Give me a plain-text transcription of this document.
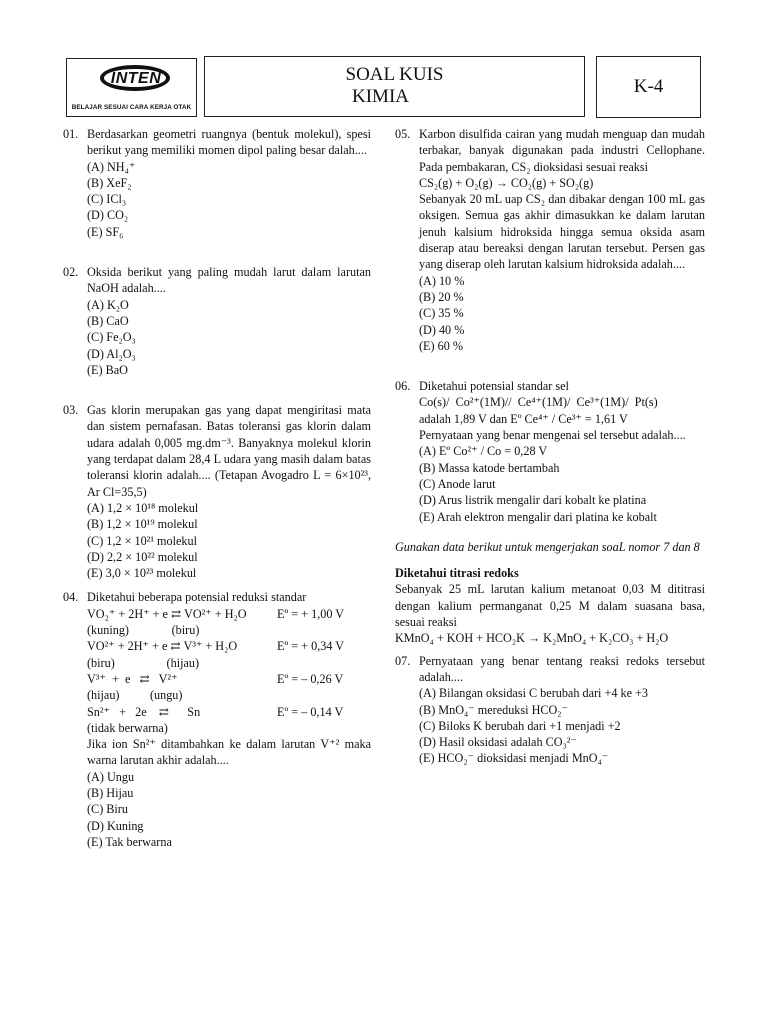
INTEN
BELAJAR SESUAI CARA KERJA OTAK
SOAL KUIS
KIMIA	K-4
01. Berdasarkan geometri ruangnya (bentuk molekul), spesi berikut yang memiliki momen dipol paling besar dalah....
(A) NH₄⁺
(B) XeF₂
(C) ICl₃
(D) CO₂
(E) SF₆
02. Oksida berikut yang paling mudah larut dalam larutan NaOH adalah....
(A) K₂O
(B) CaO
(C) Fe₂O₃
(D) Al₂O₃
(E) BaO
03. Gas klorin merupakan gas yang dapat mengiritasi mata dan sistem pernafasan. Batas toleransi gas klorin dalam udara adalah 0,005 mg.dm⁻³. Banyaknya molekul klorin yang terdapat dalam 28,4 L udara yang masih dalam batas toleransi klorin adalah.... (Tetapan Avogadro L = 6×10²³, Ar Cl=35,5)
(A) 1,2 × 10¹⁸ molekul
(B) 1,2 × 10¹⁹ molekul
(C) 1,2 × 10²¹ molekul
(D) 2,2 × 10²² molekul
(E) 3,0 × 10²³ molekul
04. Diketahui beberapa potensial reduksi standar
VO₂⁺ + 2H⁺ + e ⇄ VO²⁺ + H₂O	Eº = + 1,00 V
(kuning)              (biru)
VO²⁺ + 2H⁺ + e ⇄ V³⁺ + H₂O	Eº = + 0,34 V
(biru)                 (hijau)
V³⁺  +  e   ⇄   V²⁺	Eº = – 0,26 V
(hijau)          (ungu)
Sn²⁺   +   2e    ⇄      Sn	Eº = – 0,14 V
(tidak berwarna)
Jika ion Sn²⁺ ditambahkan ke dalam larutan V⁺² maka warna larutan akhir adalah....
(A) Ungu
(B) Hijau
(C) Biru
(D) Kuning
(E) Tak berwarna
05. Karbon disulfida cairan yang mudah menguap dan mudah terbakar, banyak digunakan pada industri Cellophane. Pada pembakaran, CS₂ dioksidasi sesuai reaksi
CS₂(g) + O₂(g) → CO₂(g) + SO₂(g)
Sebanyak 20 mL uap CS₂ dan dibakar dengan 100 mL gas oksigen. Semua gas akhir dimasukkan ke dalam larutan jenuh kalsium hidroksida hingga semua oksida asam diserap atau bereaksi dengan larutan tersebut. Persen gas yang diserap oleh larutan kalsium hidroksida adalah....
(A) 10 %
(B) 20 %
(C) 35 %
(D) 40 %
(E) 60 %
06. Diketahui potensial standar sel
Co(s)/  Co²⁺(1M)//  Ce⁴⁺(1M)/  Ce³⁺(1M)/  Pt(s)
adalah 1,89 V dan Eº Ce⁴⁺ / Ce³⁺ = 1,61 V
Pernyataan yang benar mengenai sel tersebut adalah....
(A) Eº Co²⁺ / Co = 0,28 V
(B) Massa katode bertambah
(C) Anode larut
(D) Arus listrik mengalir dari kobalt ke platina
(E) Arah elektron mengalir dari platina ke kobalt
Gunakan data berikut untuk mengerjakan soaL nomor 7 dan 8
Diketahui titrasi redoks
Sebanyak 25 mL larutan kalium metanoat 0,03 M dititrasi dengan kalium permanganat 0,25 M dalam suasana basa, sesuai reaksi
KMnO₄ + KOH + HCO₂K → K₂MnO₄ + K₂CO₃ + H₂O
07. Pernyataan yang benar tentang reaksi redoks tersebut adalah....
(A) Bilangan oksidasi C berubah dari +4 ke +3
(B) MnO₄⁻ mereduksi HCO₂⁻
(C) Biloks K berubah dari +1 menjadi +2
(D) Hasil oksidasi adalah CO₃²⁻
(E) HCO₂⁻ dioksidasi menjadi MnO₄⁻
